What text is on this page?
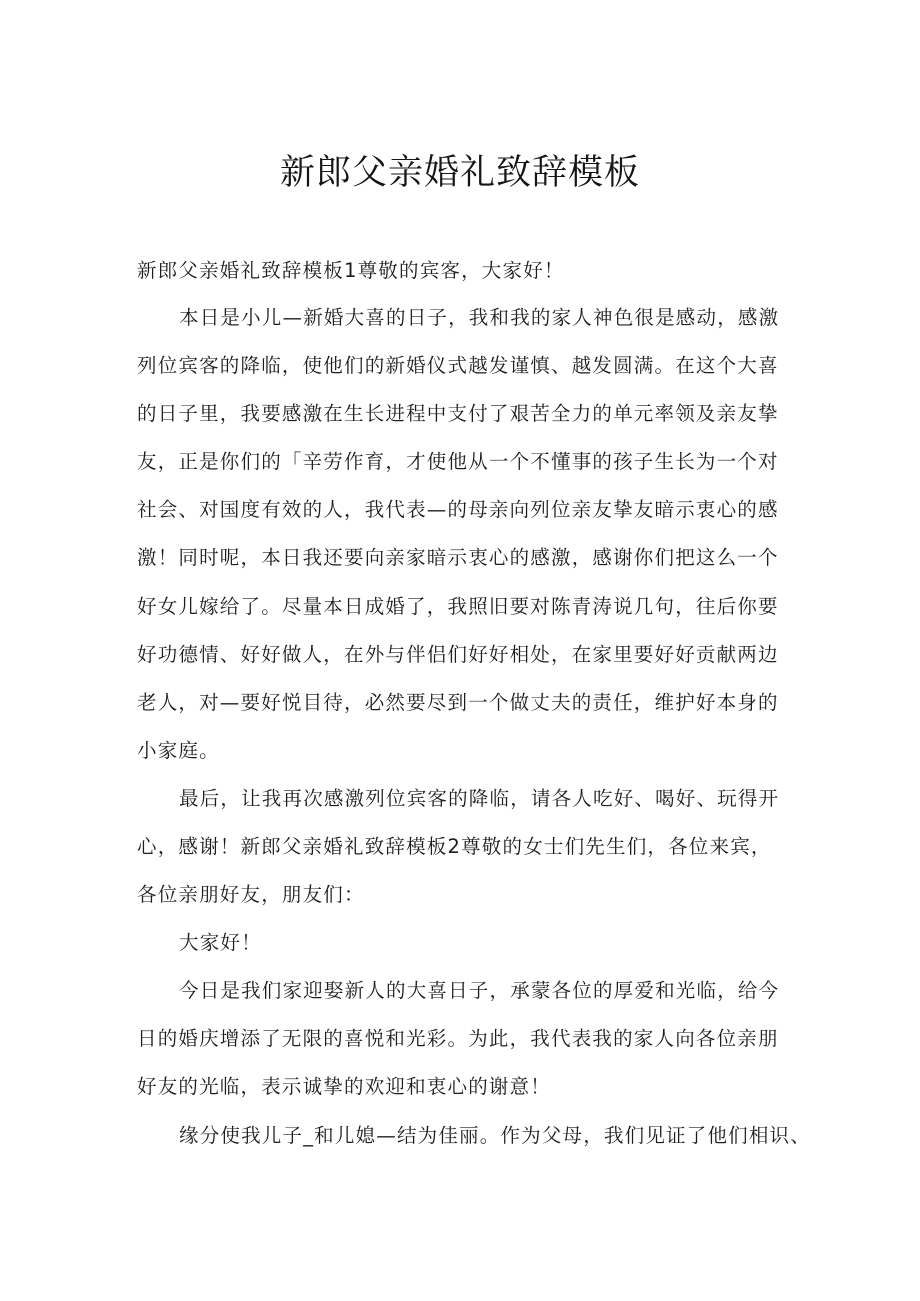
新郎父亲婚礼致辞模板
新郎父亲婚礼致辞模板1尊敬的宾客，大家好！
本日是小儿—新婚大喜的日子，我和我的家人神色很是感动，感激
列位宾客的降临，使他们的新婚仪式越发谨慎、越发圆满。在这个大喜
的日子里，我要感激在生长进程中支付了艰苦全力的单元率领及亲友挚
友，正是你们的「辛劳作育，才使他从一个不懂事的孩子生长为一个对
社会、对国度有效的人，我代表—的母亲向列位亲友挚友暗示衷心的感
激！同时呢，本日我还要向亲家暗示衷心的感激，感谢你们把这么一个
好女儿嫁给了。尽量本日成婚了，我照旧要对陈青涛说几句，往后你要
好功德情、好好做人，在外与伴侣们好好相处，在家里要好好贡献两边
老人，对—要好悦目待，必然要尽到一个做丈夫的责任，维护好本身的
小家庭。
最后，让我再次感激列位宾客的降临，请各人吃好、喝好、玩得开
心，感谢！新郎父亲婚礼致辞模板2尊敬的女士们先生们，各位来宾，
各位亲朋好友，朋友们：
大家好！
今日是我们家迎娶新人的大喜日子，承蒙各位的厚爱和光临，给今
日的婚庆增添了无限的喜悦和光彩。为此，我代表我的家人向各位亲朋
好友的光临，表示诚挚的欢迎和衷心的谢意！
缘分使我儿子_和儿媳—结为佳丽。作为父母，我们见证了他们相识、
